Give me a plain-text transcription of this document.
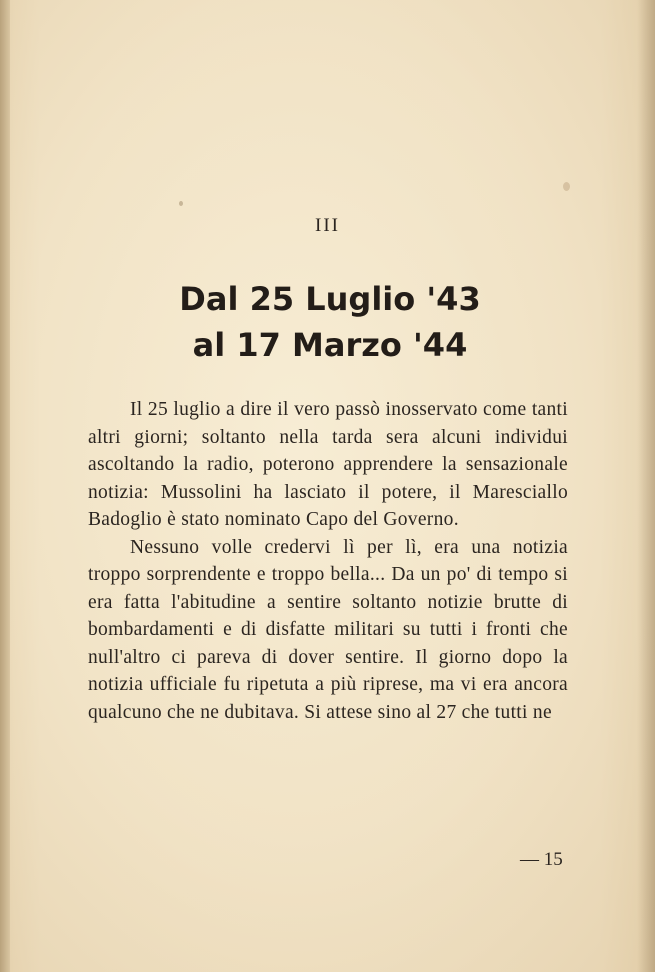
III
Dal 25 Luglio '43
al 17 Marzo '44

Il 25 luglio a dire il vero passò inosservato come tanti altri giorni; soltanto nella tarda sera alcuni individui ascoltando la radio, poterono apprendere la sensazionale notizia: Mussolini ha lasciato il potere, il Maresciallo Badoglio è stato nominato Capo del Governo.

Nessuno volle credervi lì per lì, era una notizia troppo sorprendente e troppo bella... Da un po' di tempo si era fatta l'abitudine a sentire soltanto notizie brutte di bombardamenti e di disfatte militari su tutti i fronti che null'altro ci pareva di dover sentire. Il giorno dopo la notizia ufficiale fu ripetuta a più riprese, ma vi era ancora qualcuno che ne dubitava. Si attese sino al 27 che tutti ne

— 15
